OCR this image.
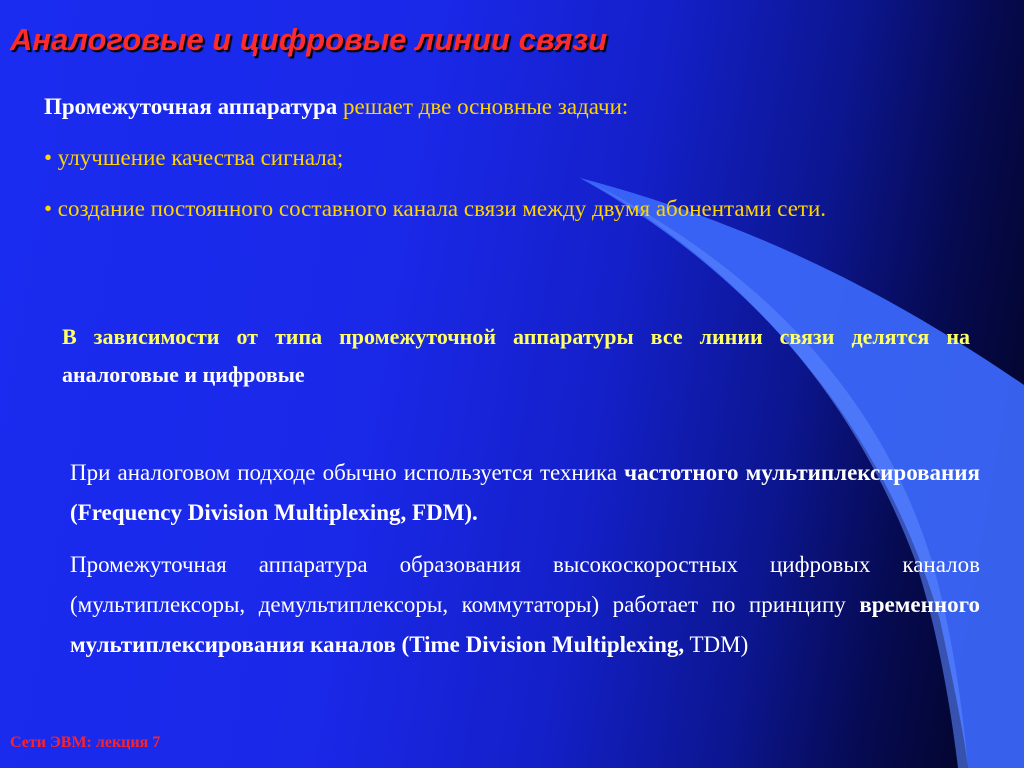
Аналоговые и цифровые линии связи

Промежуточная аппаратура решает две основные задачи:

• улучшение качества сигнала;

• создание постоянного составного канала связи между двумя абонентами сети.

В зависимости от типа промежуточной аппаратуры все линии связи делятся на аналоговые и цифровые

При аналоговом подходе обычно используется техника частотного мультиплексирования (Frequency Division Multiplexing, FDM).

Промежуточная аппаратура образования высокоскоростных цифровых каналов (мультиплексоры, демультиплексоры, коммутаторы) работает по принципу временного мультиплексирования каналов (Time Division Multiplexing, TDM)

Сети ЭВМ: лекция 7
